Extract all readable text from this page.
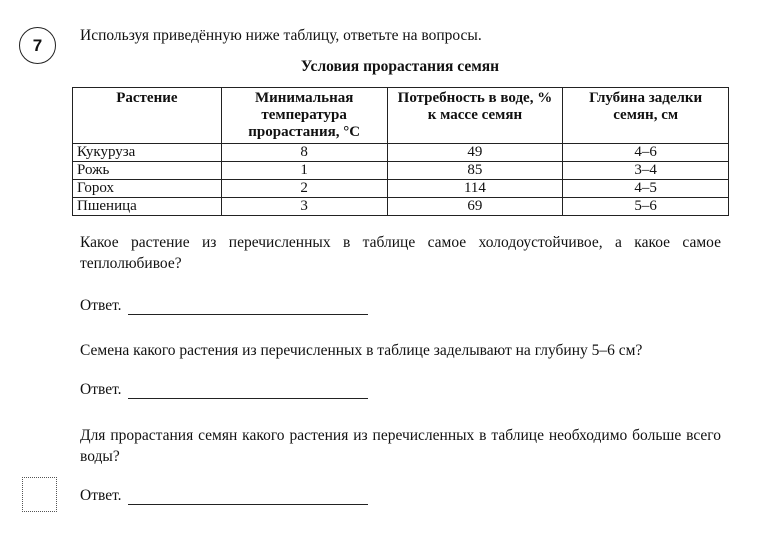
7	Используя приведённую ниже таблицу, ответьте на вопросы.
Условия прорастания семян
Растение	Минимальная температура прорастания, °С	Потребность в воде, % к массе семян	Глубина заделки семян, см
Кукуруза	8	49	4–6
Рожь	1	85	3–4
Горох	2	114	4–5
Пшеница	3	69	5–6
Какое растение из перечисленных в таблице самое холодоустойчивое, а какое самое теплолюбивое?
Ответ.
Семена какого растения из перечисленных в таблице заделывают на глубину 5–6 см?
Ответ.
Для прорастания семян какого растения из перечисленных в таблице необходимо больше всего воды?
Ответ.
